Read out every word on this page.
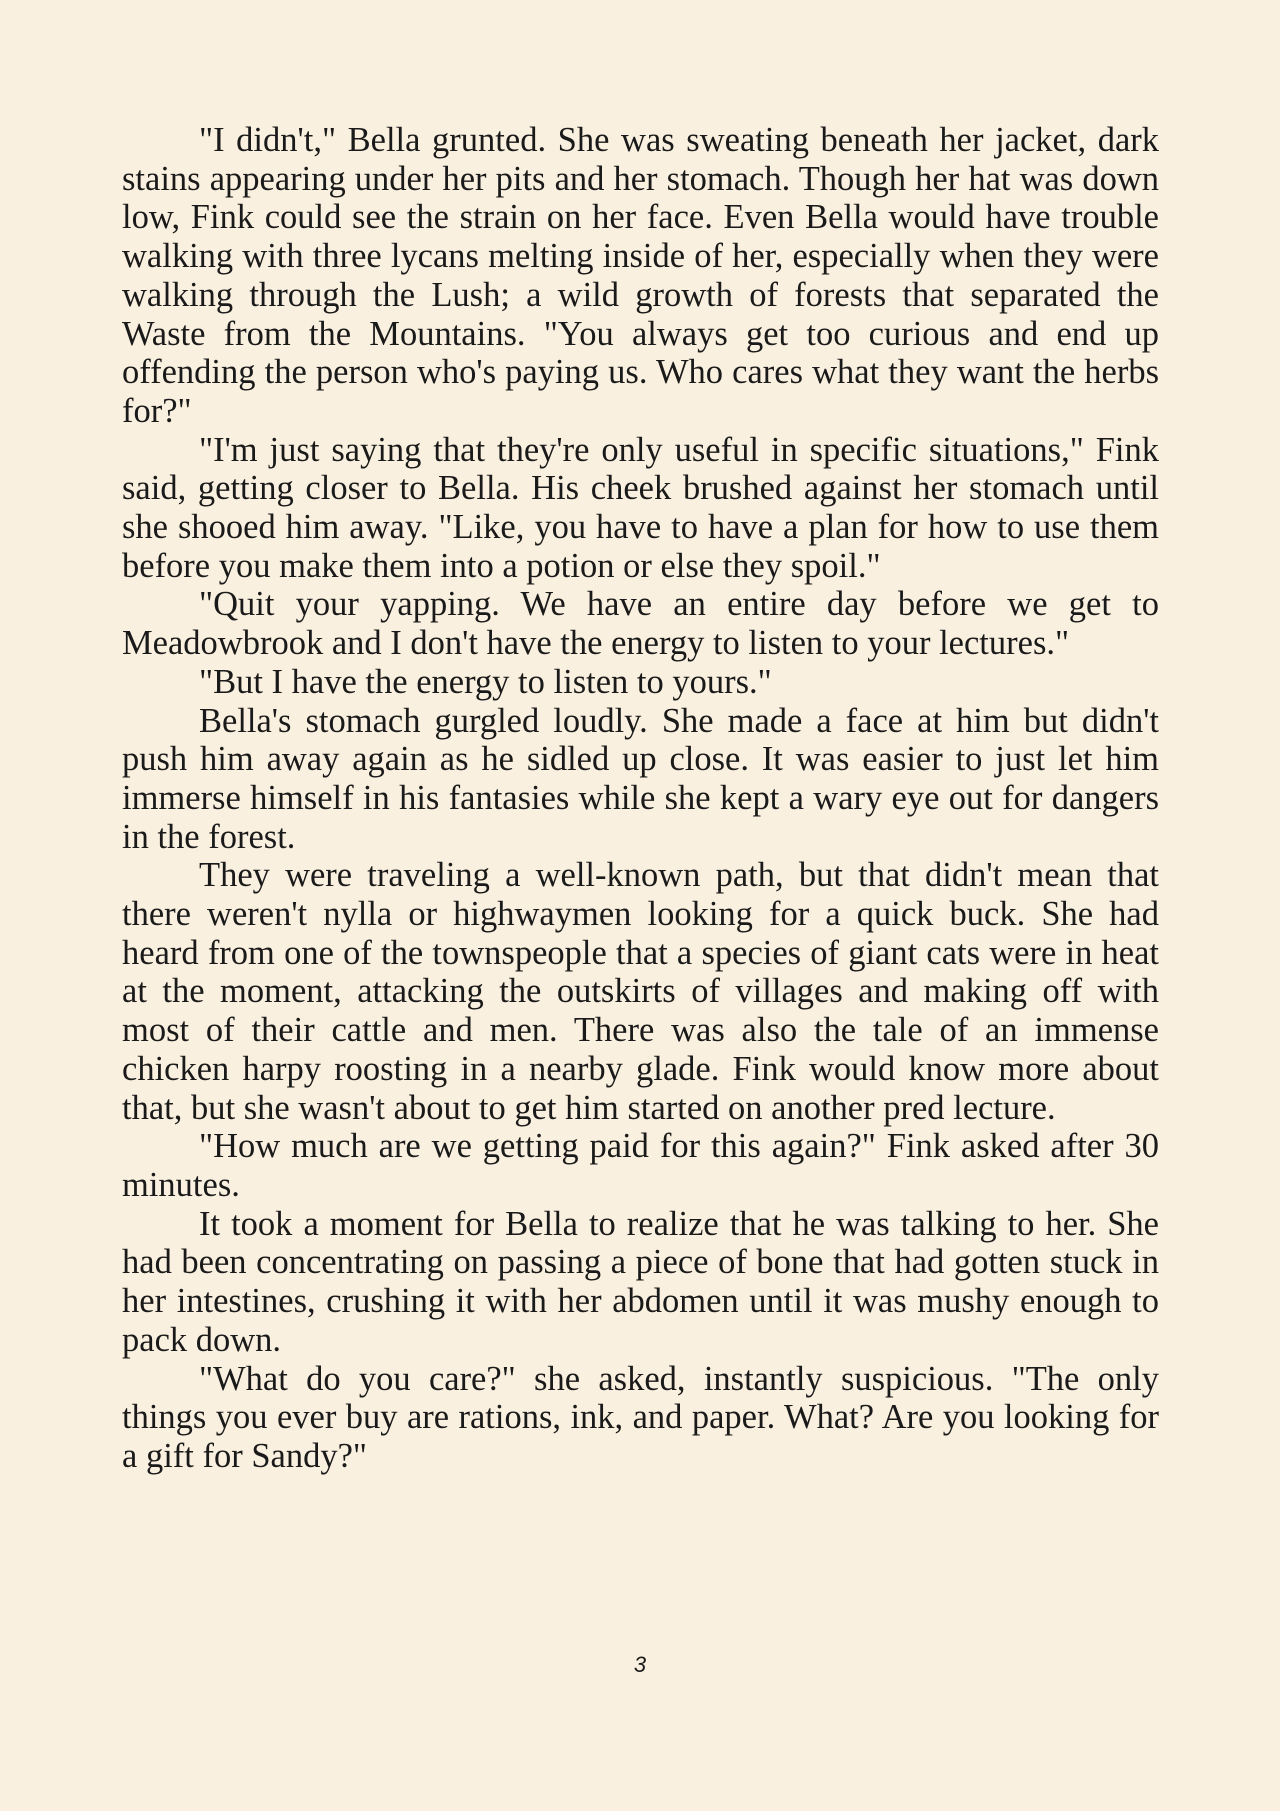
"I didn't," Bella grunted. She was sweating beneath her jacket, dark stains appearing under her pits and her stomach. Though her hat was down low, Fink could see the strain on her face. Even Bella would have trouble walking with three lycans melting inside of her, especially when they were walking through the Lush; a wild growth of forests that separated the Waste from the Mountains. "You always get too curious and end up offending the person who's paying us. Who cares what they want the herbs for?"

"I'm just saying that they're only useful in specific situations," Fink said, getting closer to Bella. His cheek brushed against her stomach until she shooed him away. "Like, you have to have a plan for how to use them before you make them into a potion or else they spoil."

"Quit your yapping. We have an entire day before we get to Meadowbrook and I don't have the energy to listen to your lectures."

"But I have the energy to listen to yours."

Bella's stomach gurgled loudly. She made a face at him but didn't push him away again as he sidled up close. It was easier to just let him immerse himself in his fantasies while she kept a wary eye out for dangers in the forest.

They were traveling a well-known path, but that didn't mean that there weren't nylla or highwaymen looking for a quick buck. She had heard from one of the townspeople that a species of giant cats were in heat at the moment, attacking the outskirts of villages and making off with most of their cattle and men. There was also the tale of an immense chicken harpy roosting in a nearby glade. Fink would know more about that, but she wasn't about to get him started on another pred lecture.

"How much are we getting paid for this again?" Fink asked after 30 minutes.

It took a moment for Bella to realize that he was talking to her. She had been concentrating on passing a piece of bone that had gotten stuck in her intestines, crushing it with her abdomen until it was mushy enough to pack down.

"What do you care?" she asked, instantly suspicious. "The only things you ever buy are rations, ink, and paper. What? Are you looking for a gift for Sandy?"

3
